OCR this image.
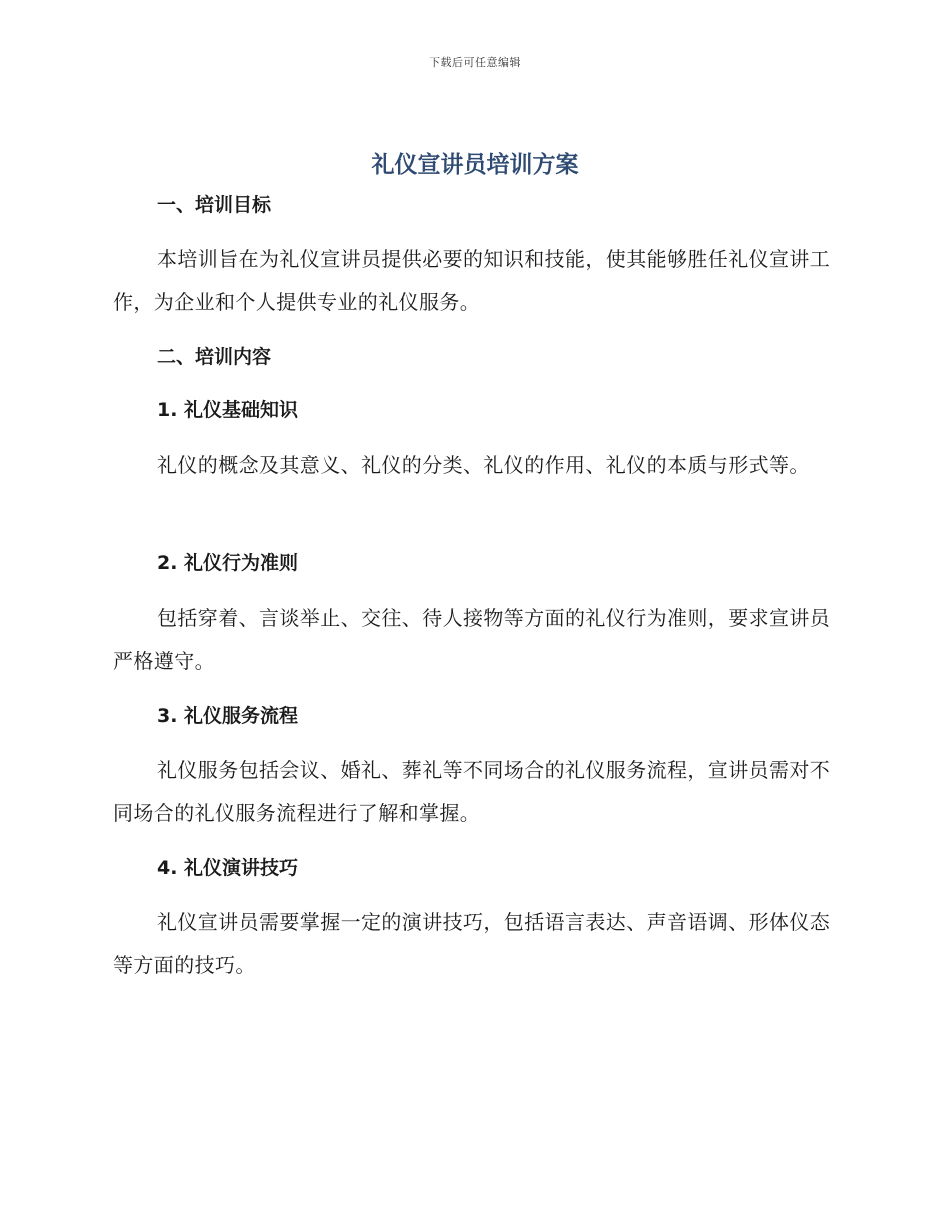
下载后可任意编辑
礼仪宣讲员培训方案
一、培训目标

本培训旨在为礼仪宣讲员提供必要的知识和技能，使其能够胜任礼仪宣讲工作，为企业和个人提供专业的礼仪服务。

二、培训内容
1. 礼仪基础知识

礼仪的概念及其意义、礼仪的分类、礼仪的作用、礼仪的本质与形式等。

2. 礼仪行为准则

包括穿着、言谈举止、交往、待人接物等方面的礼仪行为准则，要求宣讲员严格遵守。

3. 礼仪服务流程

礼仪服务包括会议、婚礼、葬礼等不同场合的礼仪服务流程，宣讲员需对不同场合的礼仪服务流程进行了解和掌握。

4. 礼仪演讲技巧

礼仪宣讲员需要掌握一定的演讲技巧，包括语言表达、声音语调、形体仪态等方面的技巧。
